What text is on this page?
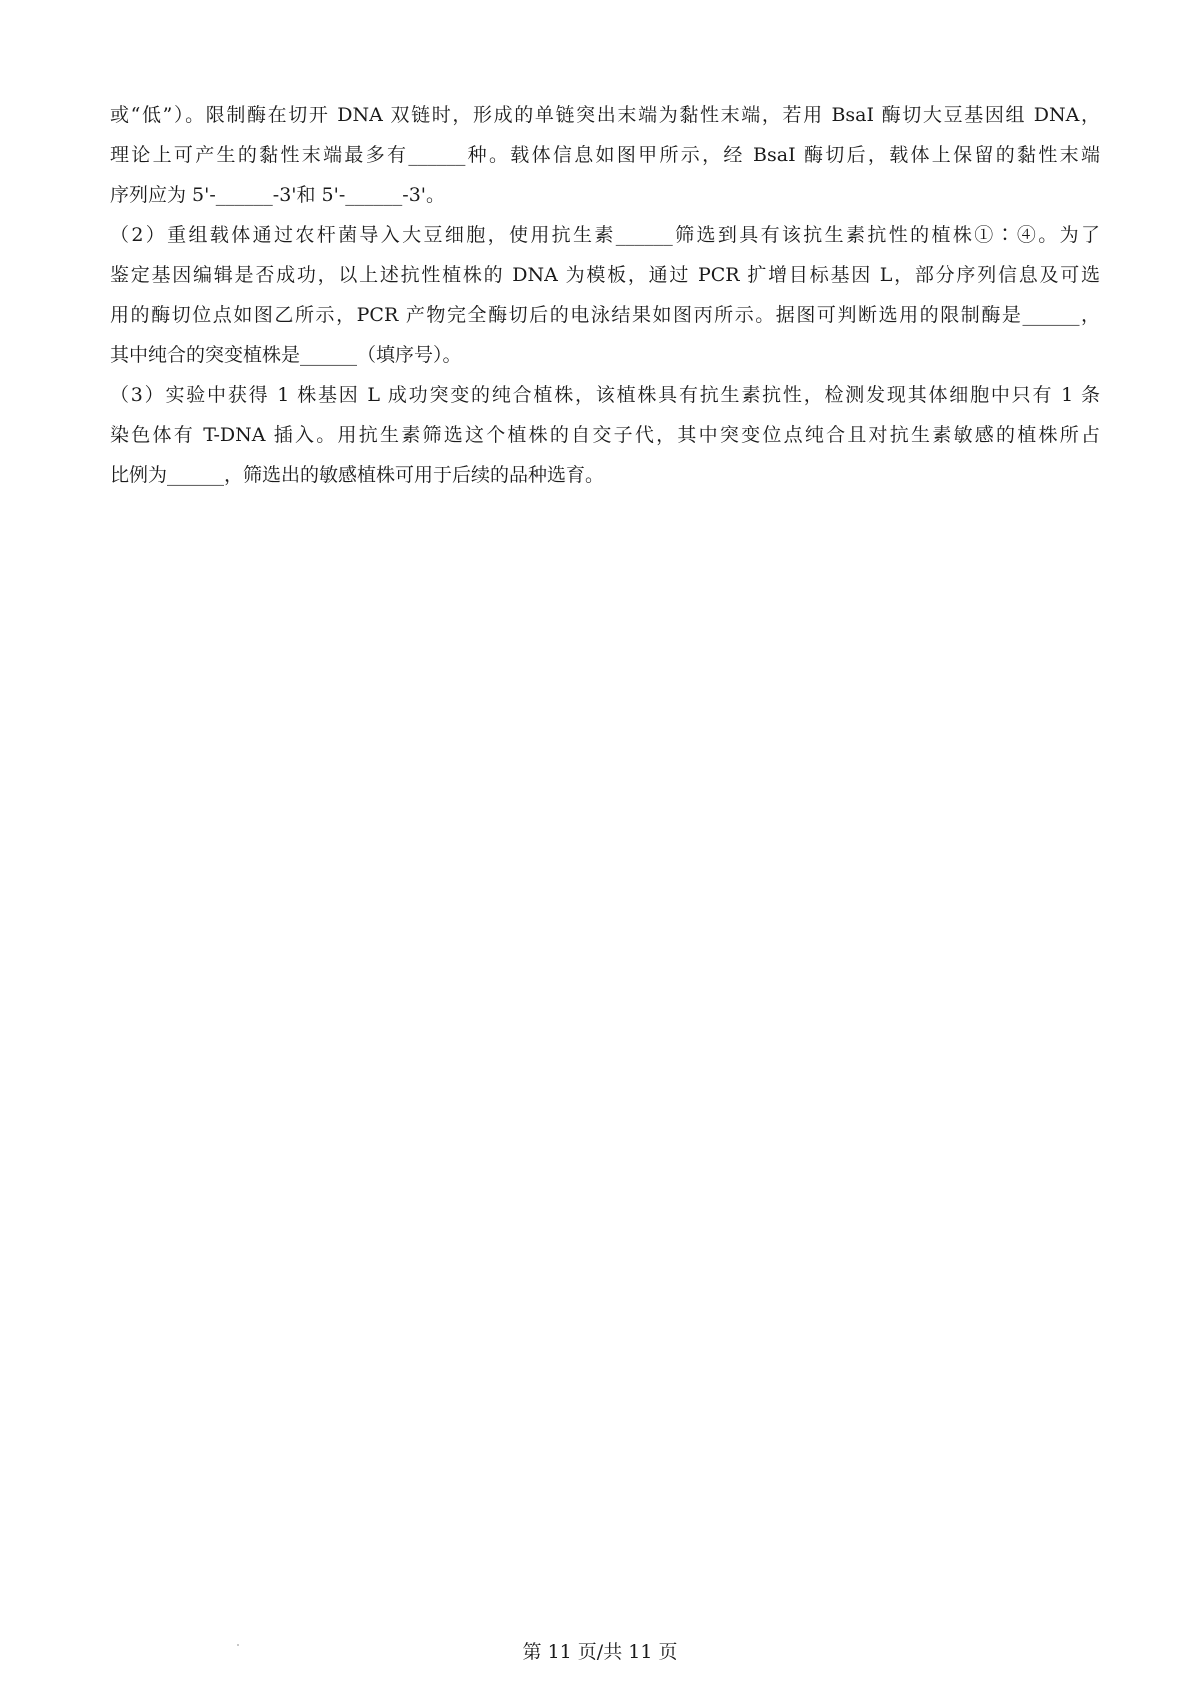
或“低”）。限制酶在切开 DNA 双链时，形成的单链突出末端为黏性末端，若用 BsaI 酶切大豆基因组 DNA，
理论上可产生的黏性末端最多有______种。载体信息如图甲所示，经 BsaI 酶切后，载体上保留的黏性末端
序列应为 5'-______-3'和 5'-______-3'。
（2）重组载体通过农杆菌导入大豆细胞，使用抗生素______筛选到具有该抗生素抗性的植株①∶④。为了
鉴定基因编辑是否成功，以上述抗性植株的 DNA 为模板，通过 PCR 扩增目标基因 L，部分序列信息及可选
用的酶切位点如图乙所示，PCR 产物完全酶切后的电泳结果如图丙所示。据图可判断选用的限制酶是______，
其中纯合的突变植株是______（填序号）。
（3）实验中获得 1 株基因 L 成功突变的纯合植株，该植株具有抗生素抗性，检测发现其体细胞中只有 1 条
染色体有 T-DNA 插入。用抗生素筛选这个植株的自交子代，其中突变位点纯合且对抗生素敏感的植株所占
比例为______，筛选出的敏感植株可用于后续的品种选育。
第 11 页/共 11 页
